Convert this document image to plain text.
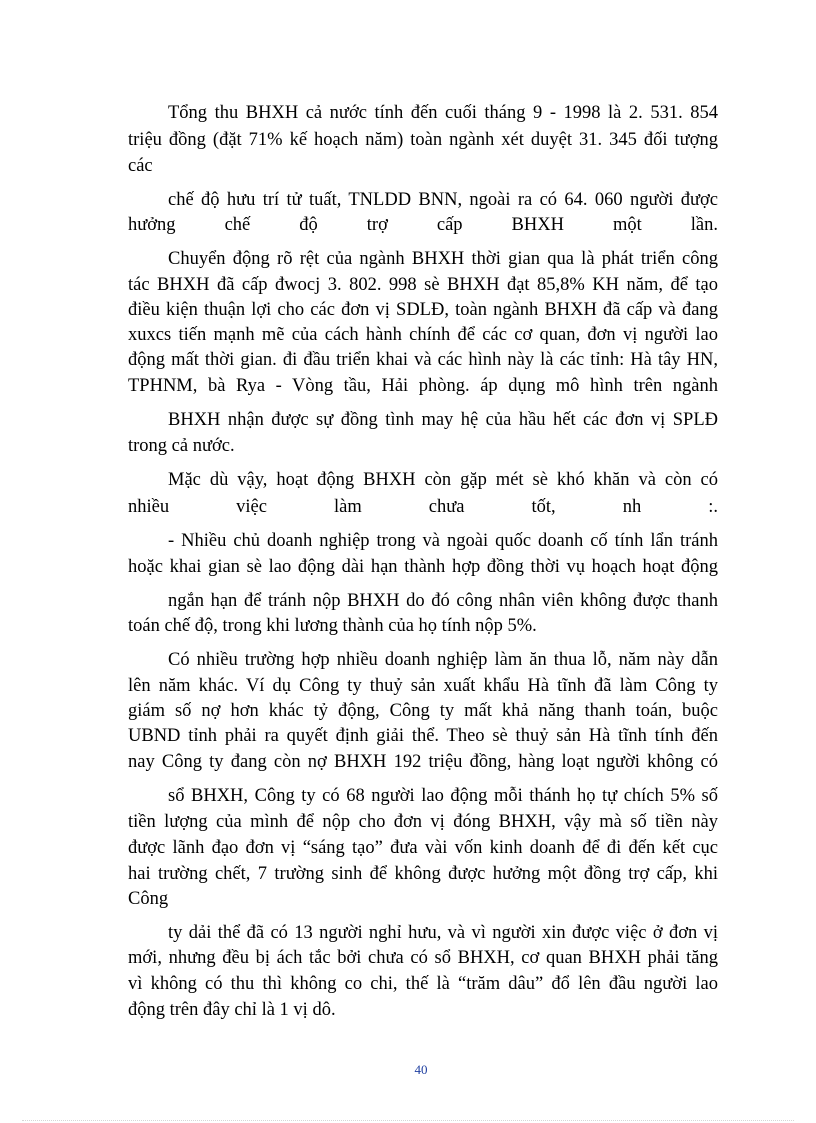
Tổng thu BHXH cả nước tính đến cuối tháng 9 - 1998 là 2. 531. 854
triệu đồng (đặt 71% kế hoạch năm) toàn ngành xét duyệt 31. 345 đối tượng
các
chế độ hưu trí tử tuất, TNLDD BNN, ngoài ra có 64. 060 người được
hưởng chế độ trợ cấp BHXH một lần.
Chuyển động rõ rệt của ngành BHXH thời gian qua là phát triển công
tác BHXH đã cấp đwocj 3. 802. 998 sè BHXH đạt 85,8% KH năm, để tạo
điều kiện thuận lợi cho các đơn vị SDLĐ, toàn ngành BHXH đã cấp và đang
xuxcs tiến mạnh mẽ của cách hành chính để các cơ quan, đơn vị người lao
động mất thời gian. đi đầu triển khai và các hình này là các tỉnh: Hà tây HN,
TPHNM, bà Rya - Vòng tầu, Hải phòng. áp dụng mô hình trên ngành
BHXH nhận được sự đồng tình may hệ của hầu hết các đơn vị SPLĐ
trong cả nước.
Mặc dù vậy, hoạt động BHXH còn gặp mét sè khó khăn và còn có
nhiều việc làm chưa tốt, nh :.
- Nhiều chủ doanh nghiệp trong và ngoài quốc doanh cố tính lẩn tránh
hoặc khai gian sè lao động dài hạn thành hợp đồng thời vụ hoạch hoạt động
ngắn hạn để tránh nộp BHXH do đó công nhân viên không được thanh
toán chế độ, trong khi lương thành của họ tính nộp 5%.
Có nhiều trường hợp nhiều doanh nghiệp làm ăn thua lỗ, năm này dẫn
lên năm khác. Ví dụ Công ty thuỷ sản xuất khẩu Hà tĩnh đã làm Công ty
giám số nợ hơn khác tỷ động, Công ty mất khả năng thanh toán, buộc
UBND tỉnh phải ra quyết định giải thể. Theo sè thuỷ sản Hà tĩnh tính đến
nay Công ty đang còn nợ BHXH 192 triệu đồng, hàng loạt người không có
sổ BHXH, Công ty có 68 người lao động mỗi thánh họ tự chích 5% số
tiền lượng của mình để nộp cho đơn vị đóng BHXH, vậy mà số tiền này
được lãnh đạo đơn vị “sáng tạo” đưa vài vốn kinh doanh để đi đến kết cục
hai trường chết, 7 trường sinh để không được hưởng một đồng trợ cấp, khi
Công
ty dải thể đã có 13 người nghỉ hưu, và vì người xin được việc ở đơn vị
mới, nhưng đều bị ách tắc bởi chưa có sổ BHXH, cơ quan BHXH phải tăng
vì không có thu thì không co chi, thế là “trăm dâu” đổ lên đầu người lao
động trên đây chỉ là 1 vị dô.
40
